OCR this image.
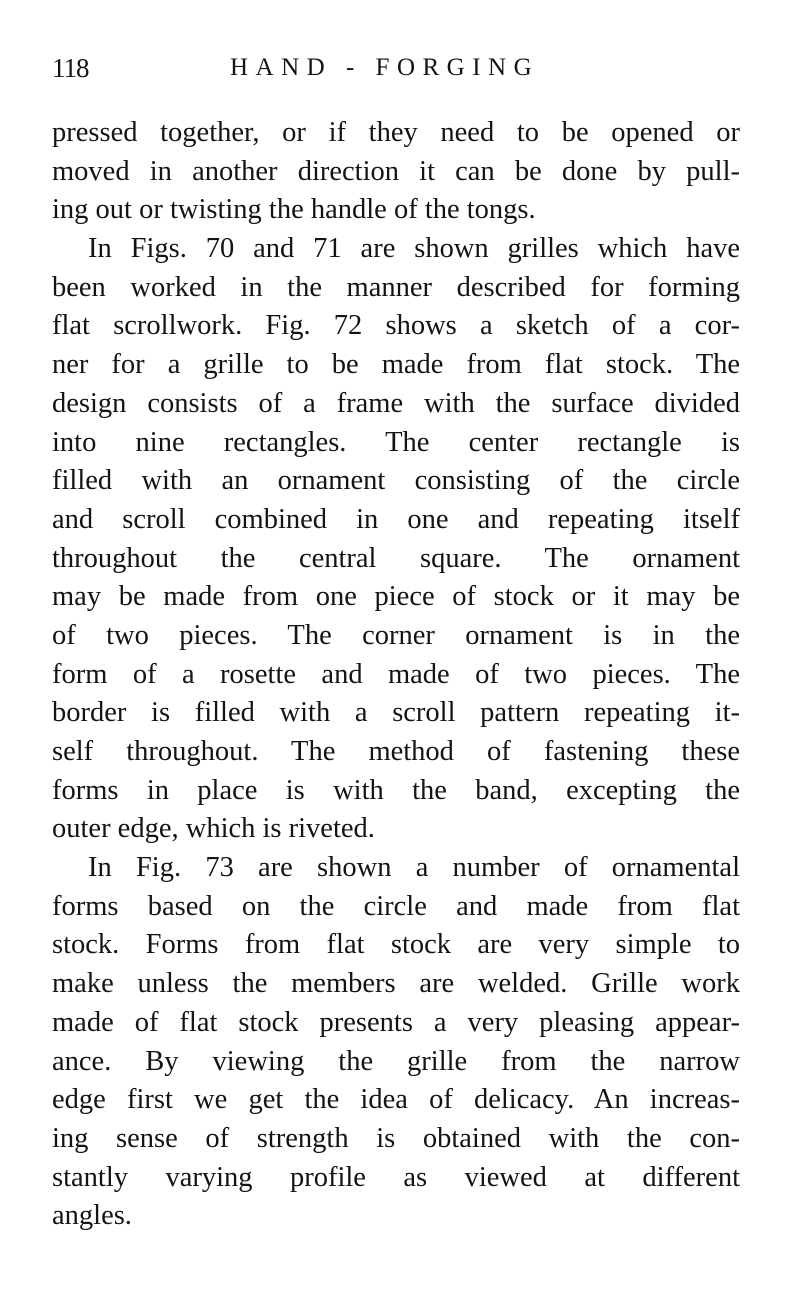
118	HAND - FORGING
pressed together, or if they need to be opened or
moved in another direction it can be done by pull-
ing out or twisting the handle of the tongs.
In Figs. 70 and 71 are shown grilles which have
been worked in the manner described for forming
flat scrollwork. Fig. 72 shows a sketch of a cor-
ner for a grille to be made from flat stock. The
design consists of a frame with the surface divided
into nine rectangles. The center rectangle is
filled with an ornament consisting of the circle
and scroll combined in one and repeating itself
throughout the central square. The ornament
may be made from one piece of stock or it may be
of two pieces. The corner ornament is in the
form of a rosette and made of two pieces. The
border is filled with a scroll pattern repeating it-
self throughout. The method of fastening these
forms in place is with the band, excepting the
outer edge, which is riveted.
In Fig. 73 are shown a number of ornamental
forms based on the circle and made from flat
stock. Forms from flat stock are very simple to
make unless the members are welded. Grille work
made of flat stock presents a very pleasing appear-
ance. By viewing the grille from the narrow
edge first we get the idea of delicacy. An increas-
ing sense of strength is obtained with the con-
stantly varying profile as viewed at different
angles.
